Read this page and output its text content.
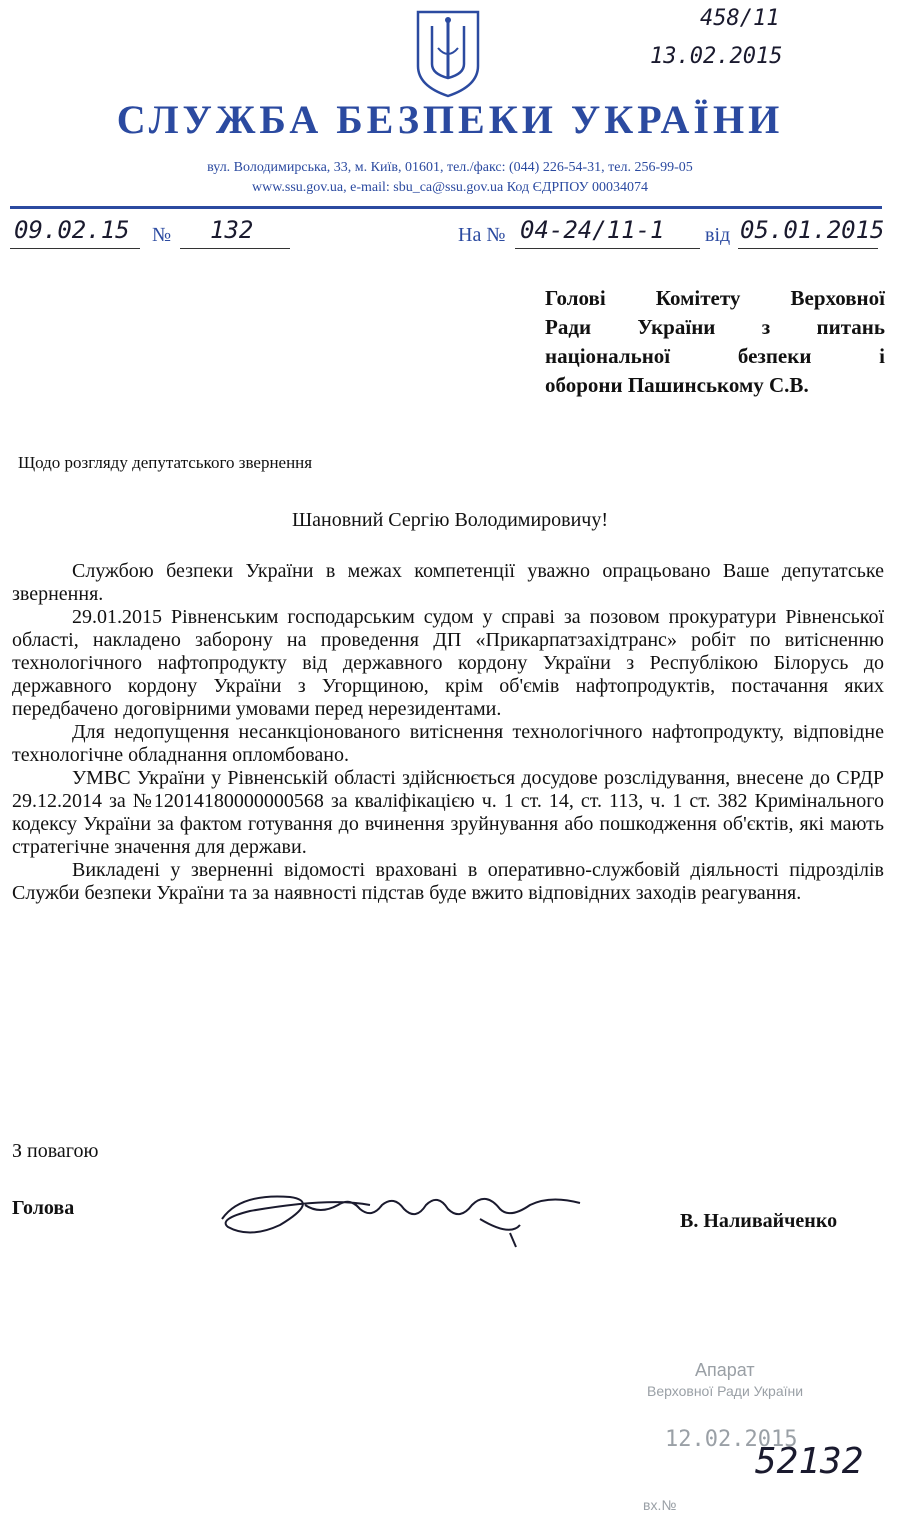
458/11
13.02.2015
СЛУЖБА БЕЗПЕКИ УКРАЇНИ
вул. Володимирська, 33, м. Київ, 01601, тел./факс: (044) 226-54-31, тел. 256-99-05
www.ssu.gov.ua, e-mail: sbu_ca@ssu.gov.ua Код ЄДРПОУ 00034074
09.02.15 № 132	На № 04-24/11-1 від 05.01.2015
Голові Комітету Верховної
Ради України з питань
національної безпеки і
оборони Пашинському С.В.
Щодо розгляду депутатського звернення
Шановний Сергію Володимировичу!

Службою безпеки України в межах компетенції уважно опрацьовано Ваше депутатське звернення.

29.01.2015 Рівненським господарським судом у справі за позовом прокуратури Рівненської області, накладено заборону на проведення ДП «Прикарпатзахідтранс» робіт по витісненню технологічного нафтопродукту від державного кордону України з Республікою Білорусь до державного кордону України з Угорщиною, крім об'ємів нафтопродуктів, постачання яких передбачено договірними умовами перед нерезидентами.

Для недопущення несанкціонованого витіснення технологічного нафтопродукту, відповідне технологічне обладнання опломбовано.

УМВС України у Рівненській області здійснюється досудове розслідування, внесене до СРДР 29.12.2014 за №12014180000000568 за кваліфікацією ч. 1 ст. 14, ст. 113, ч. 1 ст. 382 Кримінального кодексу України за фактом готування до вчинення зруйнування або пошкодження об'єктів, які мають стратегічне значення для держави.

Викладені у зверненні відомості враховані в оперативно-службовій діяльності підрозділів Служби безпеки України та за наявності підстав буде вжито відповідних заходів реагування.

З повагою
Голова
В. Наливайченко
Апарат
Верховної Ради України
12.02.2015
52132
вх.№
